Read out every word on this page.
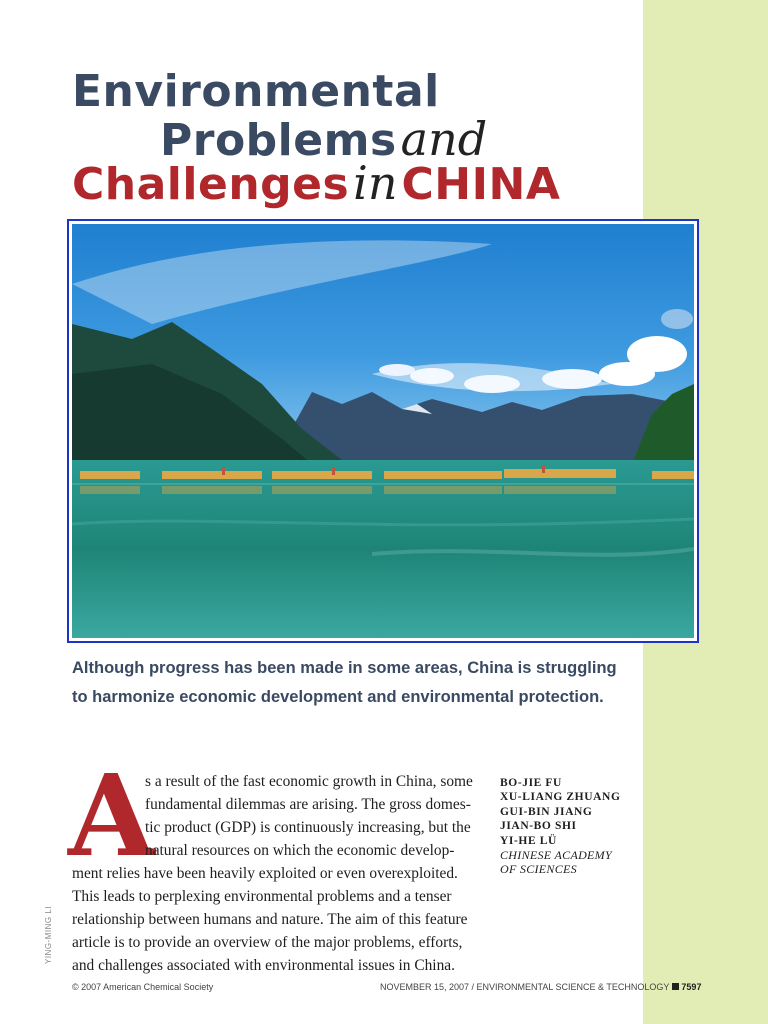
Environmental
Problems and
Challenges in CHINA
Although progress has been made in some areas, China is struggling to harmonize economic development and environmental protection.
A
s a result of the fast economic growth in China, some
fundamental dilemmas are arising. The gross domes-
tic product (GDP) is continuously increasing, but the
natural resources on which the economic develop-
ment relies have been heavily exploited or even overexploited.
This leads to perplexing environmental problems and a tenser
relationship between humans and nature. The aim of this feature
article is to provide an overview of the major problems, efforts,
and challenges associated with environmental issues in China.
BO-JIE FU
XU-LIANG ZHUANG
GUI-BIN JIANG
JIAN-BO SHI
YI-HE LÜ
CHINESE ACADEMY
OF SCIENCES
YING-MING LI
© 2007 American Chemical Society	NOVEMBER 15, 2007 / ENVIRONMENTAL SCIENCE & TECHNOLOGY 7597
